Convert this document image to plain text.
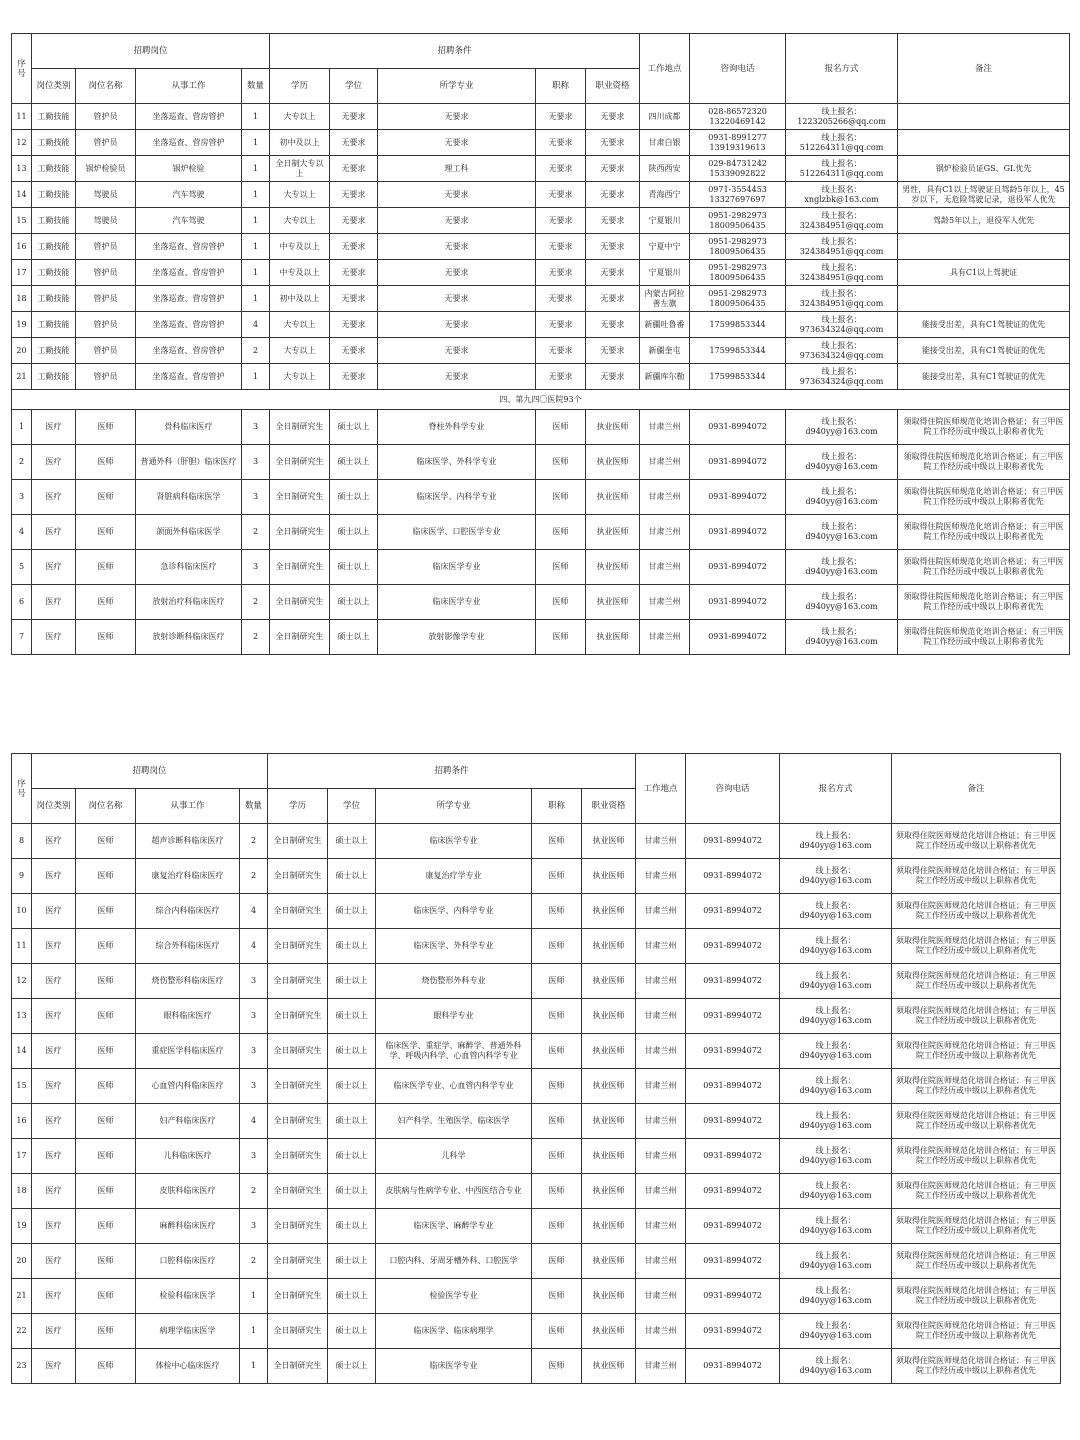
序号	招聘岗位				招聘条件					工作地点	咨询电话	报名方式	备注
	岗位类别	岗位名称	从事工作	数量	学历	学位	所学专业	职称	职业资格				
11	工勤技能	管护员	坐落巡查、营房管护	1	大专以上	无要求	无要求	无要求	无要求	四川成都	028-86572320 13220469142	线上报名：1223205266@qq.com	
12	工勤技能	管护员	坐落巡查、营房管护	1	初中及以上	无要求	无要求	无要求	无要求	甘肃白银	0931-8991277 13919319613	线上报名：512264311@qq.com	
13	工勤技能	锅炉检验员	锅炉检验	1	全日制大专以上	无要求	理工科	无要求	无要求	陕西西安	029-84731242 15339092822	线上报名：512264311@qq.com	锅炉检验员证GS、GL优先
14	工勤技能	驾驶员	汽车驾驶	1	大专以上	无要求	无要求	无要求	无要求	青海西宁	0971-3554453 13327697697	线上报名：xnglzbk@163.com	男性，具有C1以上驾驶证且驾龄5年以上，45岁以下，无危险驾驶记录，退役军人优先
15	工勤技能	驾驶员	汽车驾驶	1	大专以上	无要求	无要求	无要求	无要求	宁夏银川	0951-2982973 18009506435	线上报名：324384951@qq.com	驾龄5年以上，退役军人优先
16	工勤技能	管护员	坐落巡查、营房管护	1	中专及以上	无要求	无要求	无要求	无要求	宁夏中宁	0951-2982973 18009506435	线上报名：324384951@qq.com	
17	工勤技能	管护员	坐落巡查、营房管护	1	中专及以上	无要求	无要求	无要求	无要求	宁夏银川	0951-2982973 18009506435	线上报名：324384951@qq.com	具有C1以上驾驶证
18	工勤技能	管护员	坐落巡查、营房管护	1	初中及以上	无要求	无要求	无要求	无要求	内蒙古阿拉善左旗	0951-2982973 18009506435	线上报名：324384951@qq.com	
19	工勤技能	管护员	坐落巡查、营房管护	4	大专以上	无要求	无要求	无要求	无要求	新疆吐鲁番	17599853344	线上报名：973634324@qq.com	能接受出差，具有C1驾驶证的优先
20	工勤技能	管护员	坐落巡查、营房管护	2	大专以上	无要求	无要求	无要求	无要求	新疆奎屯	17599853344	线上报名：973634324@qq.com	能接受出差，具有C1驾驶证的优先
21	工勤技能	管护员	坐落巡查、营房管护	1	大专以上	无要求	无要求	无要求	无要求	新疆库尔勒	17599853344	线上报名：973634324@qq.com	能接受出差，具有C1驾驶证的优先
四、第九四〇医院93个													
1	医疗	医师	骨科临床医疗	3	全日制研究生	硕士以上	脊柱外科学专业	医师	执业医师	甘肃兰州	0931-8994072	线上报名：d940yy@163.com	须取得住院医师规范化培训合格证；有三甲医院工作经历或中级以上职称者优先
2	医疗	医师	普通外科（肝胆）临床医疗	3	全日制研究生	硕士以上	临床医学、外科学专业	医师	执业医师	甘肃兰州	0931-8994072	线上报名：d940yy@163.com	须取得住院医师规范化培训合格证；有三甲医院工作经历或中级以上职称者优先
3	医疗	医师	肾脏病科临床医学	3	全日制研究生	硕士以上	临床医学、内科学专业	医师	执业医师	甘肃兰州	0931-8994072	线上报名：d940yy@163.com	须取得住院医师规范化培训合格证；有三甲医院工作经历或中级以上职称者优先
4	医疗	医师	颌面外科临床医学	2	全日制研究生	硕士以上	临床医学、口腔医学专业	医师	执业医师	甘肃兰州	0931-8994072	线上报名：d940yy@163.com	须取得住院医师规范化培训合格证；有三甲医院工作经历或中级以上职称者优先
5	医疗	医师	急诊科临床医疗	3	全日制研究生	硕士以上	临床医学专业	医师	执业医师	甘肃兰州	0931-8994072	线上报名：d940yy@163.com	须取得住院医师规范化培训合格证；有三甲医院工作经历或中级以上职称者优先
6	医疗	医师	放射治疗科临床医疗	2	全日制研究生	硕士以上	临床医学专业	医师	执业医师	甘肃兰州	0931-8994072	线上报名：d940yy@163.com	须取得住院医师规范化培训合格证；有三甲医院工作经历或中级以上职称者优先
7	医疗	医师	放射诊断科临床医疗	2	全日制研究生	硕士以上	放射影像学专业	医师	执业医师	甘肃兰州	0931-8994072	线上报名：d940yy@163.com	须取得住院医师规范化培训合格证；有三甲医院工作经历或中级以上职称者优先
序号	招聘岗位				招聘条件					工作地点	咨询电话	报名方式	备注
	岗位类别	岗位名称	从事工作	数量	学历	学位	所学专业	职称	职业资格				
8	医疗	医师	超声诊断科临床医疗	2	全日制研究生	硕士以上	临床医学专业	医师	执业医师	甘肃兰州	0931-8994072	线上报名：d940yy@163.com	须取得住院医师规范化培训合格证；有三甲医院工作经历或中级以上职称者优先
9	医疗	医师	康复治疗科临床医疗	2	全日制研究生	硕士以上	康复治疗学专业	医师	执业医师	甘肃兰州	0931-8994072	线上报名：d940yy@163.com	须取得住院医师规范化培训合格证；有三甲医院工作经历或中级以上职称者优先
10	医疗	医师	综合内科临床医疗	4	全日制研究生	硕士以上	临床医学、内科学专业	医师	执业医师	甘肃兰州	0931-8994072	线上报名：d940yy@163.com	须取得住院医师规范化培训合格证；有三甲医院工作经历或中级以上职称者优先
11	医疗	医师	综合外科临床医疗	4	全日制研究生	硕士以上	临床医学、外科学专业	医师	执业医师	甘肃兰州	0931-8994072	线上报名：d940yy@163.com	须取得住院医师规范化培训合格证；有三甲医院工作经历或中级以上职称者优先
12	医疗	医师	烧伤整形科临床医疗	3	全日制研究生	硕士以上	烧伤整形外科专业	医师	执业医师	甘肃兰州	0931-8994072	线上报名：d940yy@163.com	须取得住院医师规范化培训合格证；有三甲医院工作经历或中级以上职称者优先
13	医疗	医师	眼科临床医疗	3	全日制研究生	硕士以上	眼科学专业	医师	执业医师	甘肃兰州	0931-8994072	线上报名：d940yy@163.com	须取得住院医师规范化培训合格证；有三甲医院工作经历或中级以上职称者优先
14	医疗	医师	重症医学科临床医疗	3	全日制研究生	硕士以上	临床医学、重症学、麻醉学、普通外科学、呼吸内科学、心血管内科学专业	医师	执业医师	甘肃兰州	0931-8994072	线上报名：d940yy@163.com	须取得住院医师规范化培训合格证；有三甲医院工作经历或中级以上职称者优先
15	医疗	医师	心血管内科临床医疗	3	全日制研究生	硕士以上	临床医学专业、心血管内科学专业	医师	执业医师	甘肃兰州	0931-8994072	线上报名：d940yy@163.com	须取得住院医师规范化培训合格证；有三甲医院工作经历或中级以上职称者优先
16	医疗	医师	妇产科临床医疗	4	全日制研究生	硕士以上	妇产科学、生殖医学、临床医学	医师	执业医师	甘肃兰州	0931-8994072	线上报名：d940yy@163.com	须取得住院医师规范化培训合格证；有三甲医院工作经历或中级以上职称者优先
17	医疗	医师	儿科临床医疗	3	全日制研究生	硕士以上	儿科学	医师	执业医师	甘肃兰州	0931-8994072	线上报名：d940yy@163.com	须取得住院医师规范化培训合格证；有三甲医院工作经历或中级以上职称者优先
18	医疗	医师	皮肤科临床医疗	2	全日制研究生	硕士以上	皮肤病与性病学专业、中西医结合专业	医师	执业医师	甘肃兰州	0931-8994072	线上报名：d940yy@163.com	须取得住院医师规范化培训合格证；有三甲医院工作经历或中级以上职称者优先
19	医疗	医师	麻醉科临床医疗	3	全日制研究生	硕士以上	临床医学、麻醉学专业	医师	执业医师	甘肃兰州	0931-8994072	线上报名：d940yy@163.com	须取得住院医师规范化培训合格证；有三甲医院工作经历或中级以上职称者优先
20	医疗	医师	口腔科临床医疗	2	全日制研究生	硕士以上	口腔内科、牙周牙槽外科、口腔医学	医师	执业医师	甘肃兰州	0931-8994072	线上报名：d940yy@163.com	须取得住院医师规范化培训合格证；有三甲医院工作经历或中级以上职称者优先
21	医疗	医师	检验科临床医学	1	全日制研究生	硕士以上	检验医学专业	医师	执业医师	甘肃兰州	0931-8994072	线上报名：d940yy@163.com	须取得住院医师规范化培训合格证；有三甲医院工作经历或中级以上职称者优先
22	医疗	医师	病理学临床医学	1	全日制研究生	硕士以上	临床医学、临床病理学	医师	执业医师	甘肃兰州	0931-8994072	线上报名：d940yy@163.com	须取得住院医师规范化培训合格证；有三甲医院工作经历或中级以上职称者优先
23	医疗	医师	体检中心临床医疗	1	全日制研究生	硕士以上	临床医学专业	医师	执业医师	甘肃兰州	0931-8994072	线上报名：d940yy@163.com	须取得住院医师规范化培训合格证；有三甲医院工作经历或中级以上职称者优先
